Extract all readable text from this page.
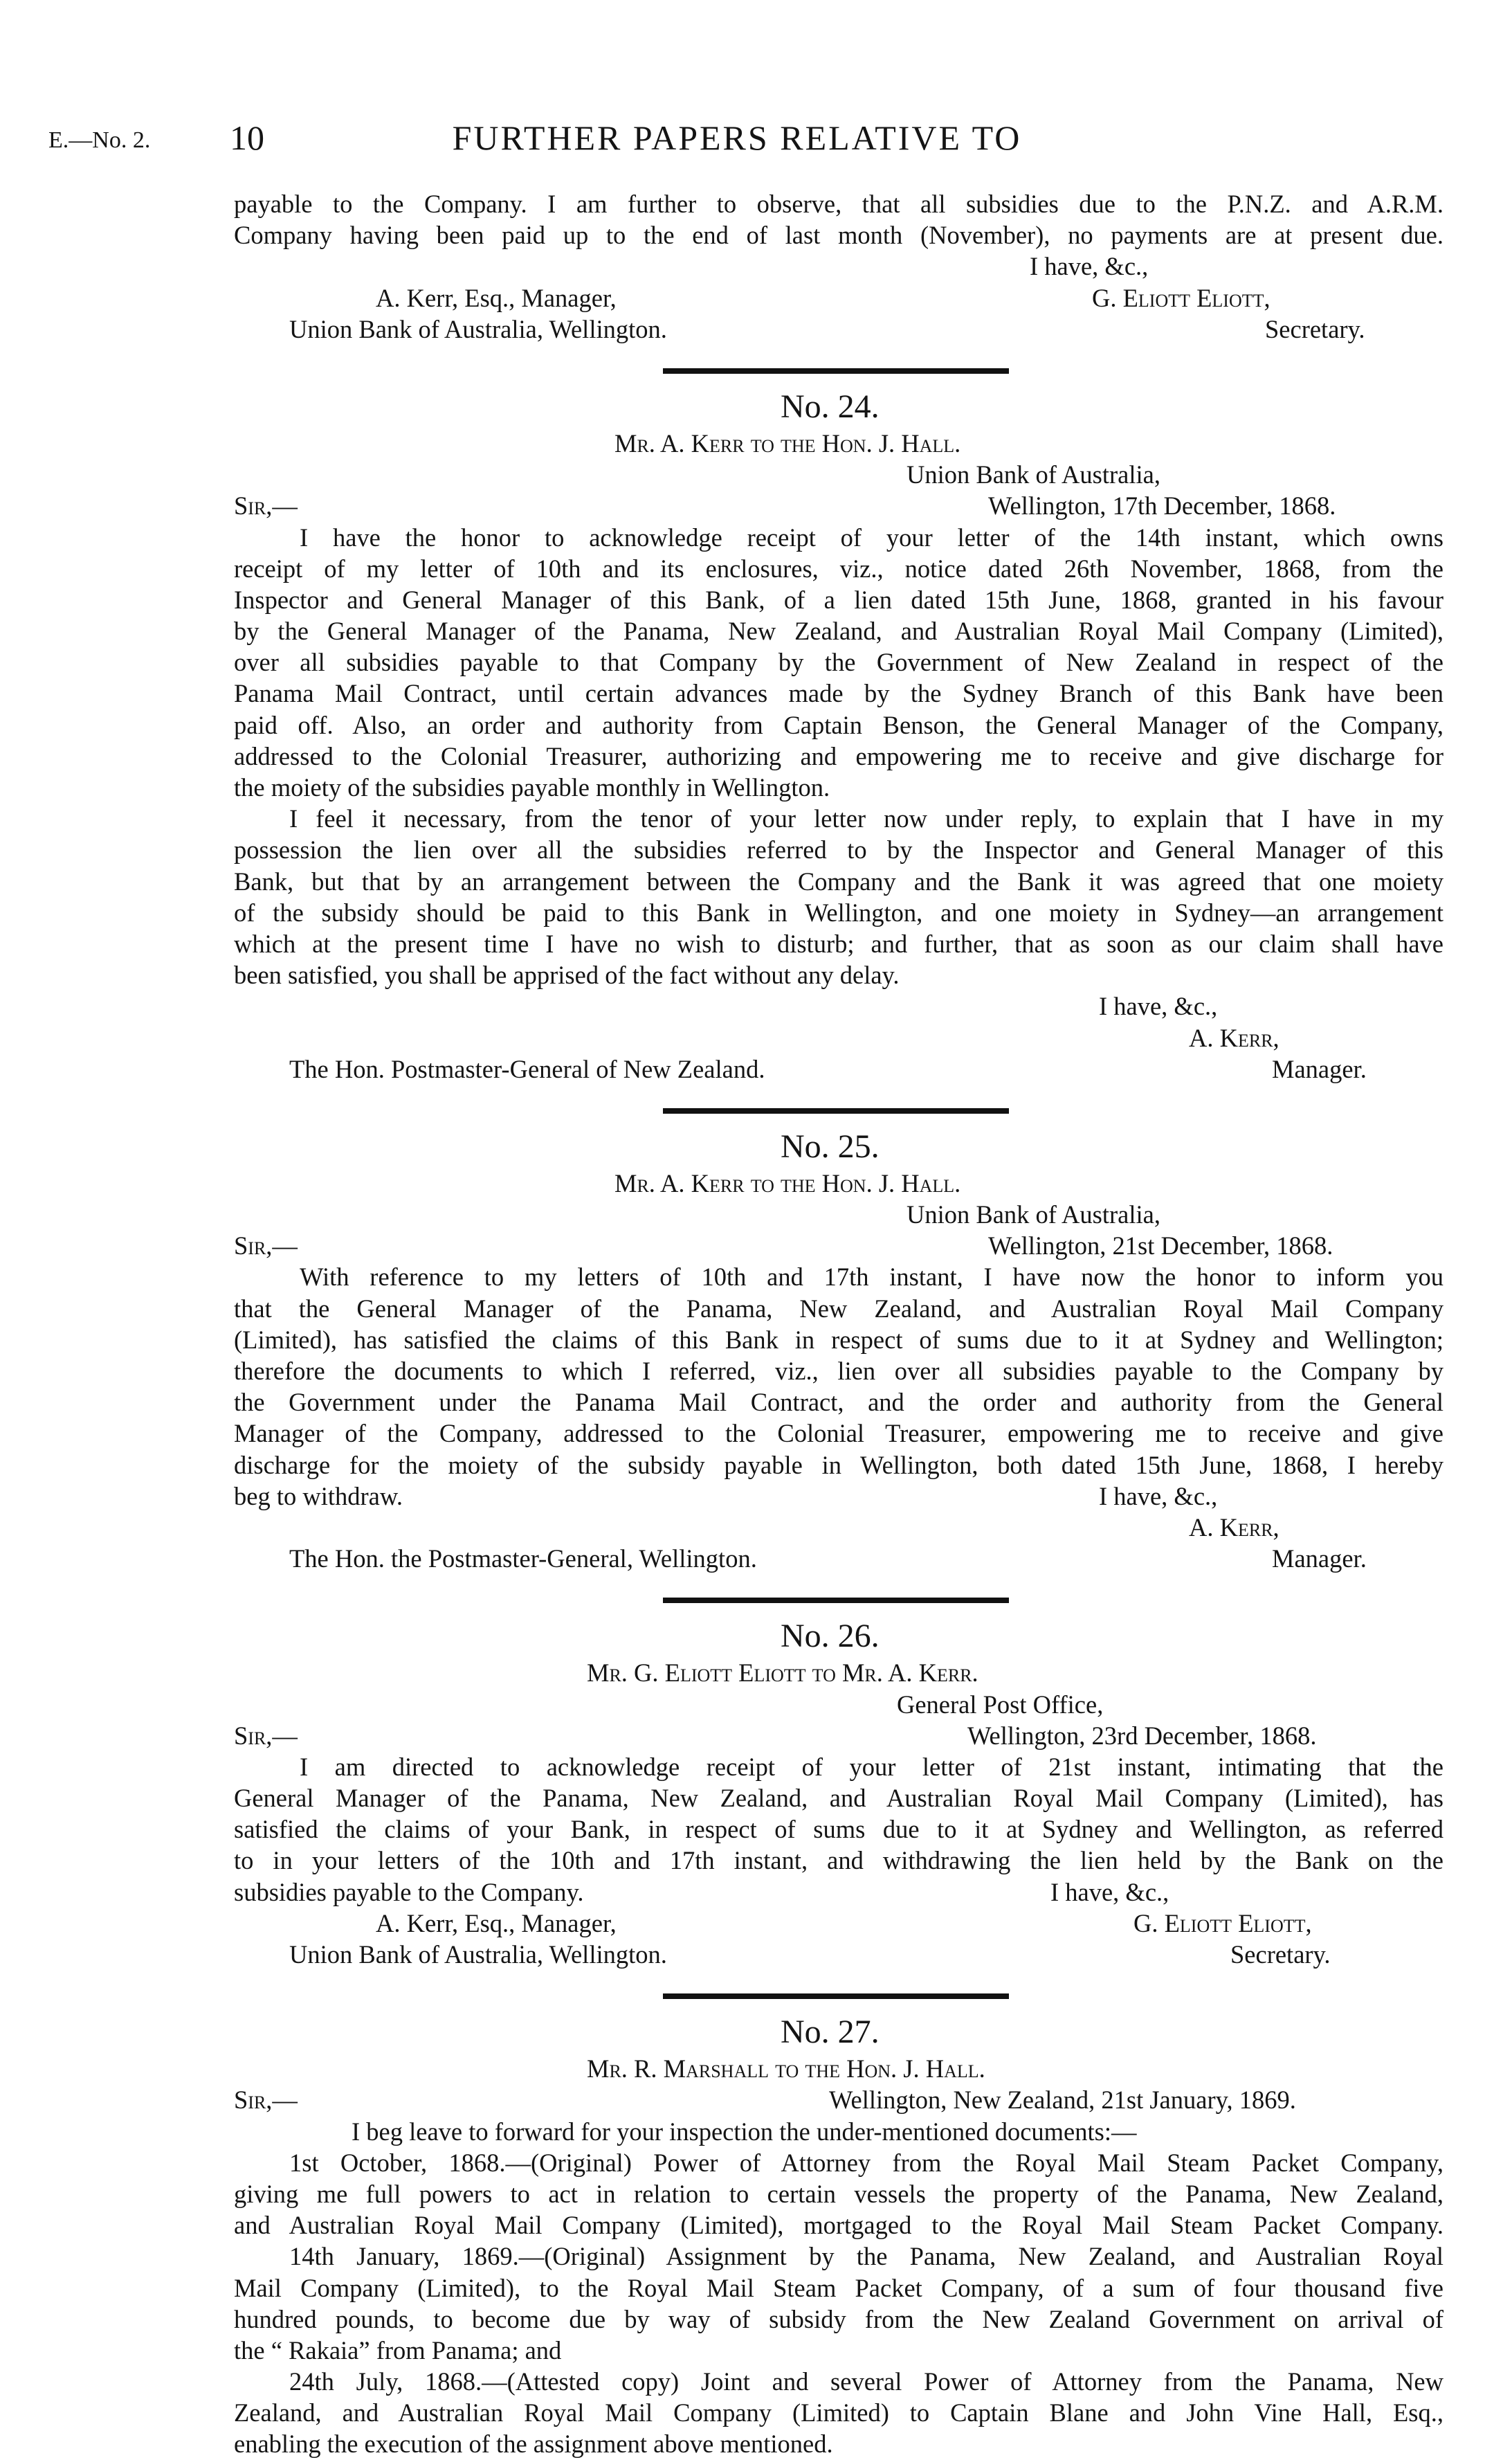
E.—No. 2. 10	FURTHER PAPERS RELATIVE TO
payable to the Company. I am further to observe, that all subsidies due to the P.N.Z. and A.R.M.
Company having been paid up to the end of last month (November), no payments are at present due.
I have, &c.,
A. Kerr, Esq., Manager,	G. Eliott Eliott,
Union Bank of Australia, Wellington.	Secretary.
No. 24.
Mr. A. Kerr to the Hon. J. Hall.
Union Bank of Australia,
Sir,—	Wellington, 17th December, 1868.
I have the honor to acknowledge receipt of your letter of the 14th instant, which owns
receipt of my letter of 10th and its enclosures, viz., notice dated 26th November, 1868, from the
Inspector and General Manager of this Bank, of a lien dated 15th June, 1868, granted in his favour
by the General Manager of the Panama, New Zealand, and Australian Royal Mail Company (Limited),
over all subsidies payable to that Company by the Government of New Zealand in respect of the
Panama Mail Contract, until certain advances made by the Sydney Branch of this Bank have been
paid off. Also, an order and authority from Captain Benson, the General Manager of the Company,
addressed to the Colonial Treasurer, authorizing and empowering me to receive and give discharge for
the moiety of the subsidies payable monthly in Wellington.
I feel it necessary, from the tenor of your letter now under reply, to explain that I have in my
possession the lien over all the subsidies referred to by the Inspector and General Manager of this
Bank, but that by an arrangement between the Company and the Bank it was agreed that one moiety
of the subsidy should be paid to this Bank in Wellington, and one moiety in Sydney—an arrangement
which at the present time I have no wish to disturb; and further, that as soon as our claim shall have
been satisfied, you shall be apprised of the fact without any delay.
I have, &c.,
A. Kerr,
The Hon. Postmaster-General of New Zealand.	Manager.
No. 25.
Mr. A. Kerr to the Hon. J. Hall.
Union Bank of Australia,
Sir,—	Wellington, 21st December, 1868.
With reference to my letters of 10th and 17th instant, I have now the honor to inform you
that the General Manager of the Panama, New Zealand, and Australian Royal Mail Company
(Limited), has satisfied the claims of this Bank in respect of sums due to it at Sydney and Wellington;
therefore the documents to which I referred, viz., lien over all subsidies payable to the Company by
the Government under the Panama Mail Contract, and the order and authority from the General
Manager of the Company, addressed to the Colonial Treasurer, empowering me to receive and give
discharge for the moiety of the subsidy payable in Wellington, both dated 15th June, 1868, I hereby
beg to withdraw.	I have, &c.,
A. Kerr,
The Hon. the Postmaster-General, Wellington.	Manager.
No. 26.
Mr. G. Eliott Eliott to Mr. A. Kerr.
General Post Office,
Sir,—	Wellington, 23rd December, 1868.
I am directed to acknowledge receipt of your letter of 21st instant, intimating that the
General Manager of the Panama, New Zealand, and Australian Royal Mail Company (Limited), has
satisfied the claims of your Bank, in respect of sums due to it at Sydney and Wellington, as referred
to in your letters of the 10th and 17th instant, and withdrawing the lien held by the Bank on the
subsidies payable to the Company.	I have, &c.,
A. Kerr, Esq., Manager,	G. Eliott Eliott,
Union Bank of Australia, Wellington.	Secretary.
No. 27.
Mr. R. Marshall to the Hon. J. Hall.
Sir,—	Wellington, New Zealand, 21st January, 1869.
I beg leave to forward for your inspection the under-mentioned documents:—
1st October, 1868.—(Original) Power of Attorney from the Royal Mail Steam Packet Company,
giving me full powers to act in relation to certain vessels the property of the Panama, New Zealand,
and Australian Royal Mail Company (Limited), mortgaged to the Royal Mail Steam Packet Company.
14th January, 1869.—(Original) Assignment by the Panama, New Zealand, and Australian Royal
Mail Company (Limited), to the Royal Mail Steam Packet Company, of a sum of four thousand five
hundred pounds, to become due by way of subsidy from the New Zealand Government on arrival of
the “ Rakaia” from Panama; and
24th July, 1868.—(Attested copy) Joint and several Power of Attorney from the Panama, New
Zealand, and Australian Royal Mail Company (Limited) to Captain Blane and John Vine Hall, Esq.,
enabling the execution of the assignment above mentioned.
